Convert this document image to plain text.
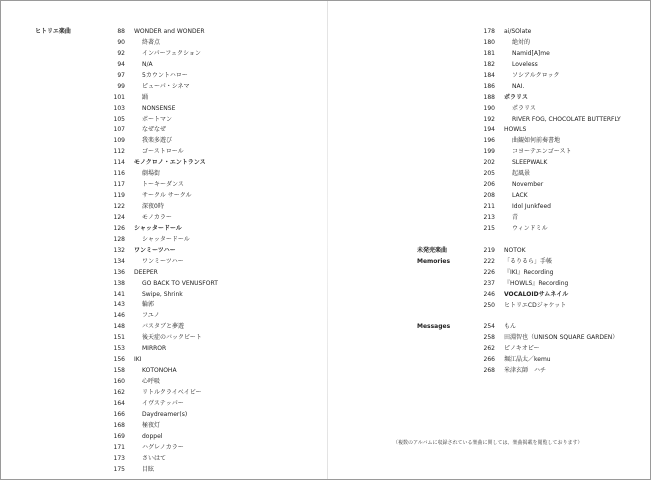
ヒトリエ楽曲	88 WONDER and WONDER
90	終著点
92	インパーフェクション
94	N/A
97	5カウントハロー
99	ピューパ・シネマ
101	踊
103	NONSENSE
105	ボートマン
107	なぜなぜ
109	我楽多遊び
112	ゴーストロール
114 モノクロノ・エントランス
116	劇場街
117	トーキーダンス
119	サークル サークル
122	深夜0時
124	モノカラー
126 シャッタードール
128	シャッタードール
132 ワンミーツハー
134	ワンミーツハー
136 DEEPER
138	GO BACK TO VENUSFORT
141	Swipe, Shrink
143	輪郭
146	フユノ
148	バスタブと夢遊
151	後天症のバックビート
153	MIRROR
156 IKI
158	KOTONOHA
160	心呼吸
162	リトルクライベイビー
164	イヴステッパー
166	Daydreamer(s)
168	極夜灯
169	doppel
171	ハグレノカラー
173	さいはて
175	目眩
178 ai/SOlate
180	絶対的
181	Namid[A]me
182	Loveless
184	ソシアルクロック
186	NAI.
188 ポラリス
190	ポラリス
192	RIVER FOG, CHOCOLATE BUTTERFLY
194 HOWLS
196	曲観如何前奏書地
199	コヨーテエンゴースト
202	SLEEPWALK
205	起風景
206	November
208	LACK
211	Idol Junkfeed
213	青
215	ウィンドミル
未発売楽曲	219 NOTOK
Memories	222 「るりるら」手帳
226 『IKI』Recording
237 『HOWLS』Recording
246 VOCALOIDサムネイル
250 ヒトリエCDジャケット
Messages	254 もん
258 田淵智也（UNISON SQUARE GARDEN）
262 ピノキオピー
266 堀江晶太／kemu
268 米津玄師　ハチ
（複数のアルバムに収録されている楽曲に関しては、楽曲掲載を閲覧しております）
